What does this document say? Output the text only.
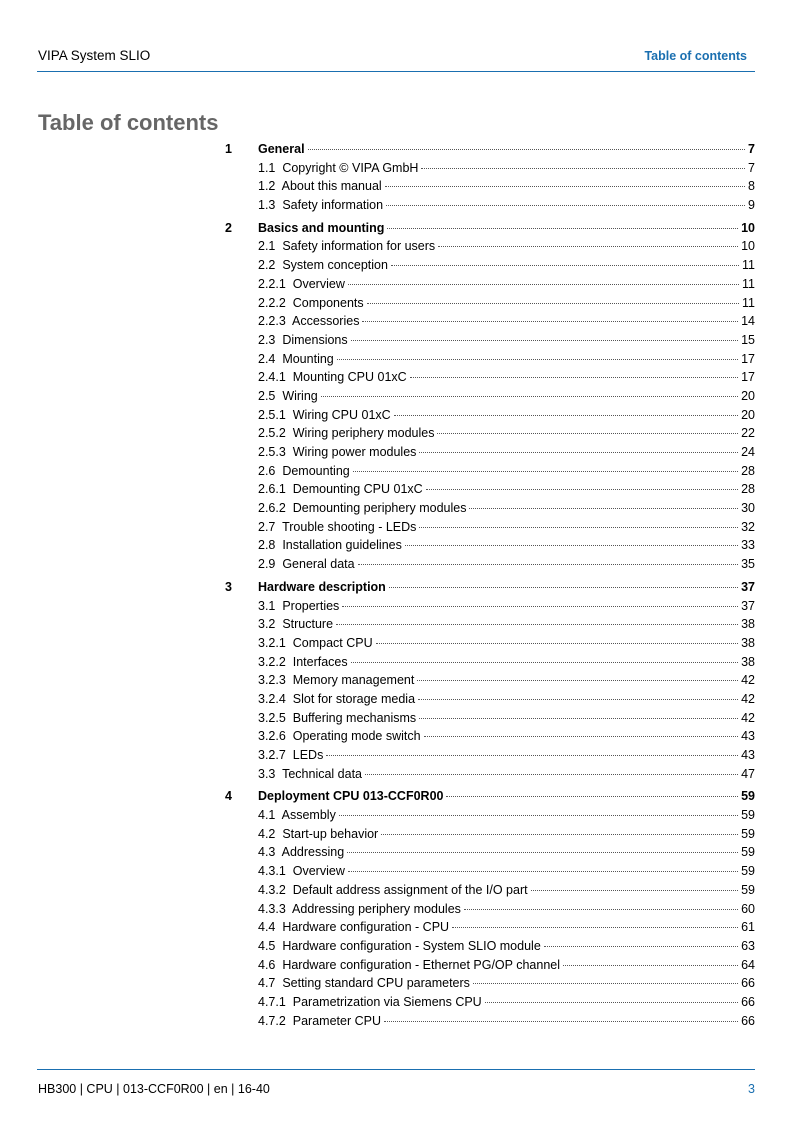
VIPA System SLIO	Table of contents
Table of contents
1 General	7
1.1  Copyright © VIPA GmbH	7
1.2  About this manual	8
1.3  Safety information	9
2 Basics and mounting	10
2.1  Safety information for users	10
2.2  System conception	11
2.2.1  Overview	11
2.2.2  Components	11
2.2.3  Accessories	14
2.3  Dimensions	15
2.4  Mounting	17
2.4.1  Mounting CPU 01xC	17
2.5  Wiring	20
2.5.1  Wiring CPU 01xC	20
2.5.2  Wiring periphery modules	22
2.5.3  Wiring power modules	24
2.6  Demounting	28
2.6.1  Demounting CPU 01xC	28
2.6.2  Demounting periphery modules	30
2.7  Trouble shooting - LEDs	32
2.8  Installation guidelines	33
2.9  General data	35
3 Hardware description	37
3.1  Properties	37
3.2  Structure	38
3.2.1  Compact CPU	38
3.2.2  Interfaces	38
3.2.3  Memory management	42
3.2.4  Slot for storage media	42
3.2.5  Buffering mechanisms	42
3.2.6  Operating mode switch	43
3.2.7  LEDs	43
3.3  Technical data	47
4 Deployment CPU 013-CCF0R00	59
4.1  Assembly	59
4.2  Start-up behavior	59
4.3  Addressing	59
4.3.1  Overview	59
4.3.2  Default address assignment of the I/O part	59
4.3.3  Addressing periphery modules	60
4.4  Hardware configuration - CPU	61
4.5  Hardware configuration - System SLIO module	63
4.6  Hardware configuration - Ethernet PG/OP channel	64
4.7  Setting standard CPU parameters	66
4.7.1  Parametrization via Siemens CPU	66
4.7.2  Parameter CPU	66
HB300 | CPU | 013-CCF0R00 | en | 16-40	3
